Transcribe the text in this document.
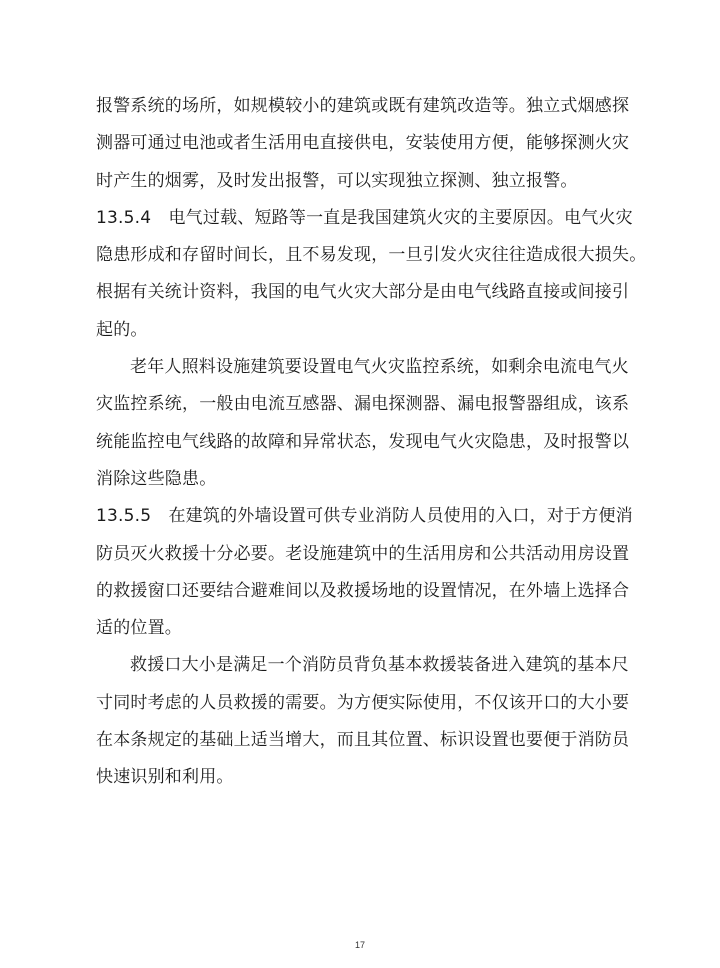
报警系统的场所，如规模较小的建筑或既有建筑改造等。独立式烟感探
测器可通过电池或者生活用电直接供电，安装使用方便，能够探测火灾
时产生的烟雾，及时发出报警，可以实现独立探测、独立报警。
13.5.4　电气过载、短路等一直是我国建筑火灾的主要原因。电气火灾
隐患形成和存留时间长，且不易发现，一旦引发火灾往往造成很大损失。
根据有关统计资料，我国的电气火灾大部分是由电气线路直接或间接引
起的。
老年人照料设施建筑要设置电气火灾监控系统，如剩余电流电气火
灾监控系统，一般由电流互感器、漏电探测器、漏电报警器组成，该系
统能监控电气线路的故障和异常状态，发现电气火灾隐患，及时报警以
消除这些隐患。
13.5.5　在建筑的外墙设置可供专业消防人员使用的入口，对于方便消
防员灭火救援十分必要。老设施建筑中的生活用房和公共活动用房设置
的救援窗口还要结合避难间以及救援场地的设置情况，在外墙上选择合
适的位置。
救援口大小是满足一个消防员背负基本救援装备进入建筑的基本尺
寸同时考虑的人员救援的需要。为方便实际使用，不仅该开口的大小要
在本条规定的基础上适当增大，而且其位置、标识设置也要便于消防员
快速识别和利用。
17
